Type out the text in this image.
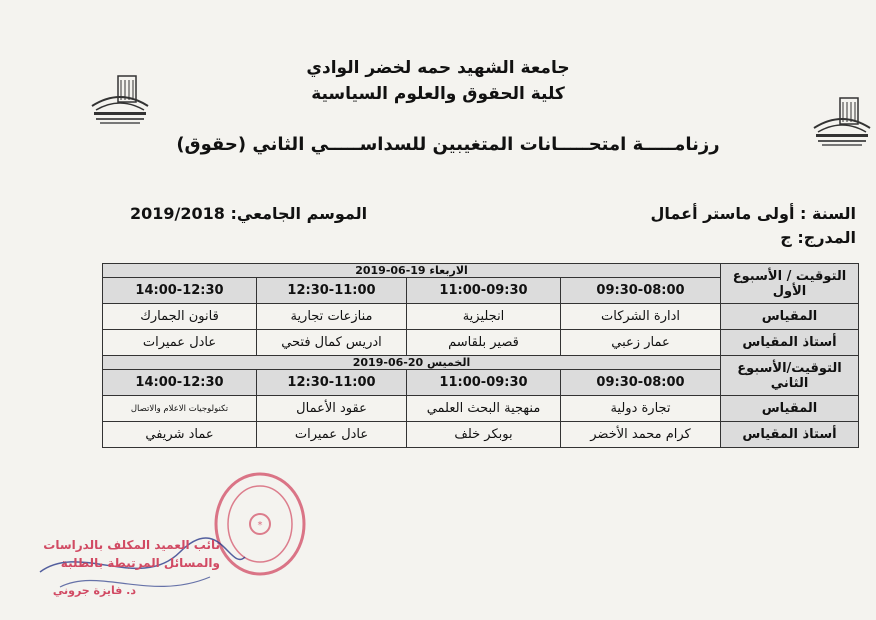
جامعة الشهيد حمه لخضر الوادي
كلية الحقوق والعلوم السياسية
رزنامـــــة امتحـــــانات المتغيبين للسداســـــي الثاني (حقوق)
السنة : أولى ماستر أعمال
المدرج: ج
الموسم الجامعي: 2019/2018
التوقيت / الأسبوع الأول	الاربعاء 19-06-2019			
	09:30-08:00	11:00-09:30	12:30-11:00	14:00-12:30
المقياس	ادارة الشركات	انجليزية	منازعات تجارية	قانون الجمارك
أستاذ المقياس	عمار زعبي	قصير بلقاسم	ادريس كمال فتحي	عادل عميرات
التوقيت/الأسبوع الثاني	الخميس 20-06-2019			
	09:30-08:00	11:00-09:30	12:30-11:00	14:00-12:30
المقياس	تجارة دولية	منهجية البحث العلمي	عقود الأعمال	تكنولوجيات الاعلام والاتصال
أستاذ المقياس	كرام محمد الأخضر	بوبكر خلف	عادل عميرات	عماد شريفي
*
نائب العميد المكلف بالدراسات
والمسائل المرتبطة بالطلبة
د. فايزة جروني
